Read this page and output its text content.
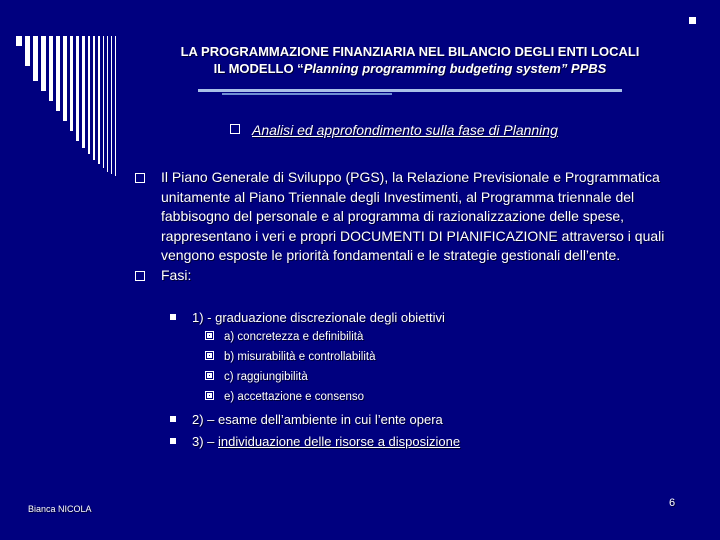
LA PROGRAMMAZIONE FINANZIARIA NEL BILANCIO DEGLI ENTI LOCALI
IL MODELLO “Planning programming budgeting system” PPBS
Analisi ed approfondimento sulla fase di Planning
Il Piano Generale di Sviluppo (PGS), la Relazione Previsionale e Programmatica unitamente al Piano Triennale degli Investimenti, al Programma triennale del fabbisogno del personale e al programma di razionalizzazione delle spese, rappresentano i veri e propri DOCUMENTI DI PIANIFICAZIONE attraverso i quali vengono esposte le priorità fondamentali e le strategie gestionali dell’ente.
Fasi:
1) - graduazione discrezionale degli obiettivi
a) concretezza e definibilità
b) misurabilità e controllabilità
c) raggiungibilità
e) accettazione e consenso
2) – esame dell’ambiente in cui l’ente opera
3) – individuazione delle risorse a disposizione
Bianca NICOLA	6
